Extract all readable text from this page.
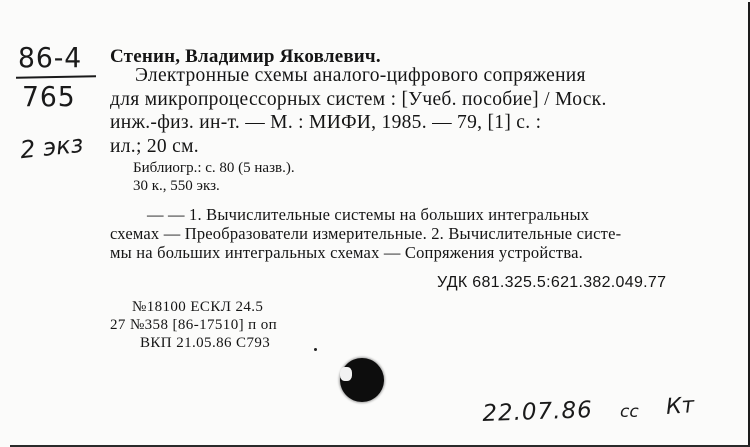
86-4
765
2 экз
Стенин, Владимир Яковлевич.
Электронные схемы аналого-цифрового сопряжения
для микропроцессорных систем : [Учеб. пособие] / Моск.
инж.-физ. ин-т. — М. : МИФИ, 1985. — 79, [1] с. :
ил.; 20 см.
Библиогр.: с. 80 (5 назв.).
30 к., 550 экз.
— — 1. Вычислительные системы на больших интегральных
схемах — Преобразователи измерительные. 2. Вычислительные систе-
мы на больших интегральных схемах — Сопряжения устройства.
УДК 681.325.5:621.382.049.77
№18100 ЕСКЛ 24.5
27 №358 [86-17510] п оп
ВКП 21.05.86 С793
22.07.86 сс Кт
